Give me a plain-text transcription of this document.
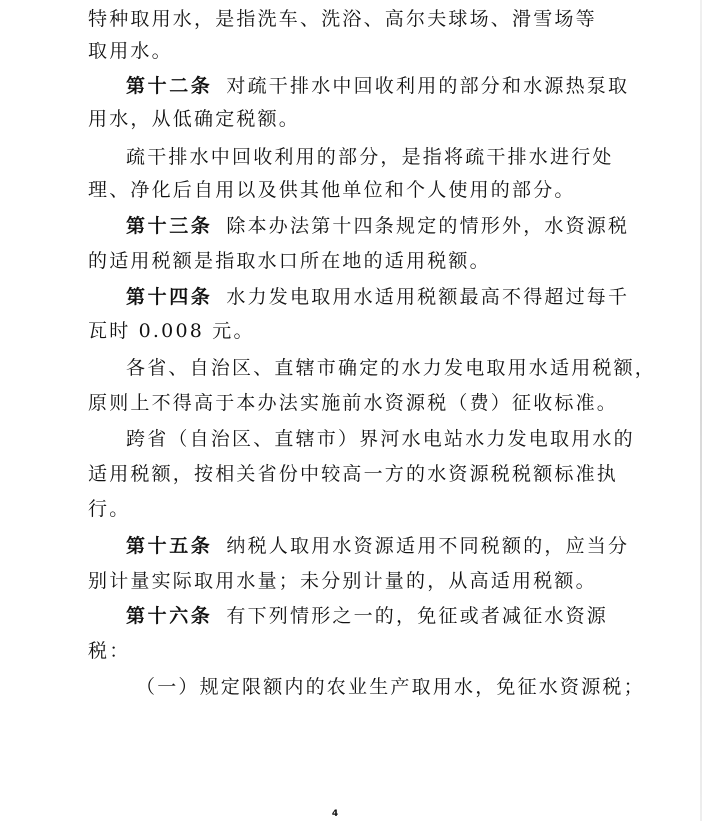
特种取用水，是指洗车、洗浴、高尔夫球场、滑雪场等
取用水。
第十二条 对疏干排水中回收利用的部分和水源热泵取
用水，从低确定税额。
疏干排水中回收利用的部分，是指将疏干排水进行处
理、净化后自用以及供其他单位和个人使用的部分。
第十三条 除本办法第十四条规定的情形外，水资源税
的适用税额是指取水口所在地的适用税额。
第十四条 水力发电取用水适用税额最高不得超过每千
瓦时 0.008 元。
各省、自治区、直辖市确定的水力发电取用水适用税额，
原则上不得高于本办法实施前水资源税（费）征收标准。
跨省（自治区、直辖市）界河水电站水力发电取用水的
适用税额，按相关省份中较高一方的水资源税税额标准执
行。
第十五条 纳税人取用水资源适用不同税额的，应当分
别计量实际取用水量；未分别计量的，从高适用税额。
第十六条 有下列情形之一的，免征或者减征水资源
税：
（一）规定限额内的农业生产取用水，免征水资源税；
4
